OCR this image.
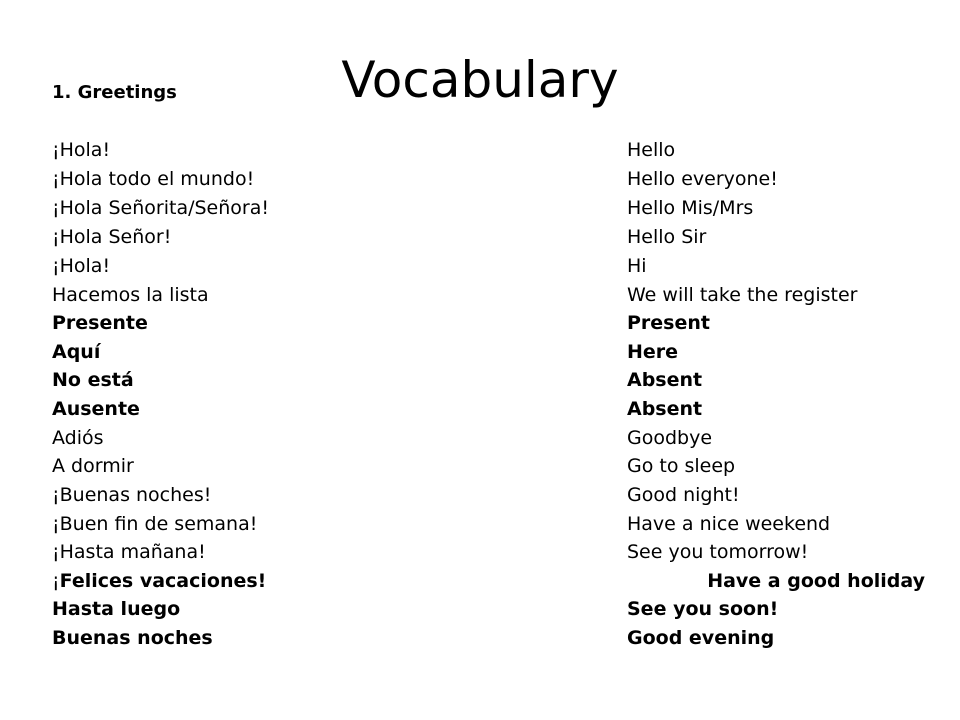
Vocabulary
1. Greetings
¡Hola!	Hello
¡Hola todo el mundo!	Hello everyone!
¡Hola Señorita/Señora!	Hello Mis/Mrs
¡Hola Señor!	Hello Sir
¡Hola!	Hi
Hacemos la lista	We will take the register
Presente	Present
Aquí	Here
No está	Absent
Ausente	Absent
Adiós	Goodbye
A dormir	Go to sleep
¡Buenas noches!	Good night!
¡Buen fin de semana!	Have a nice weekend
¡Hasta mañana!	See you tomorrow!
¡Felices vacaciones!	Have a good holiday
Hasta luego	See you soon!
Buenas noches	Good evening
